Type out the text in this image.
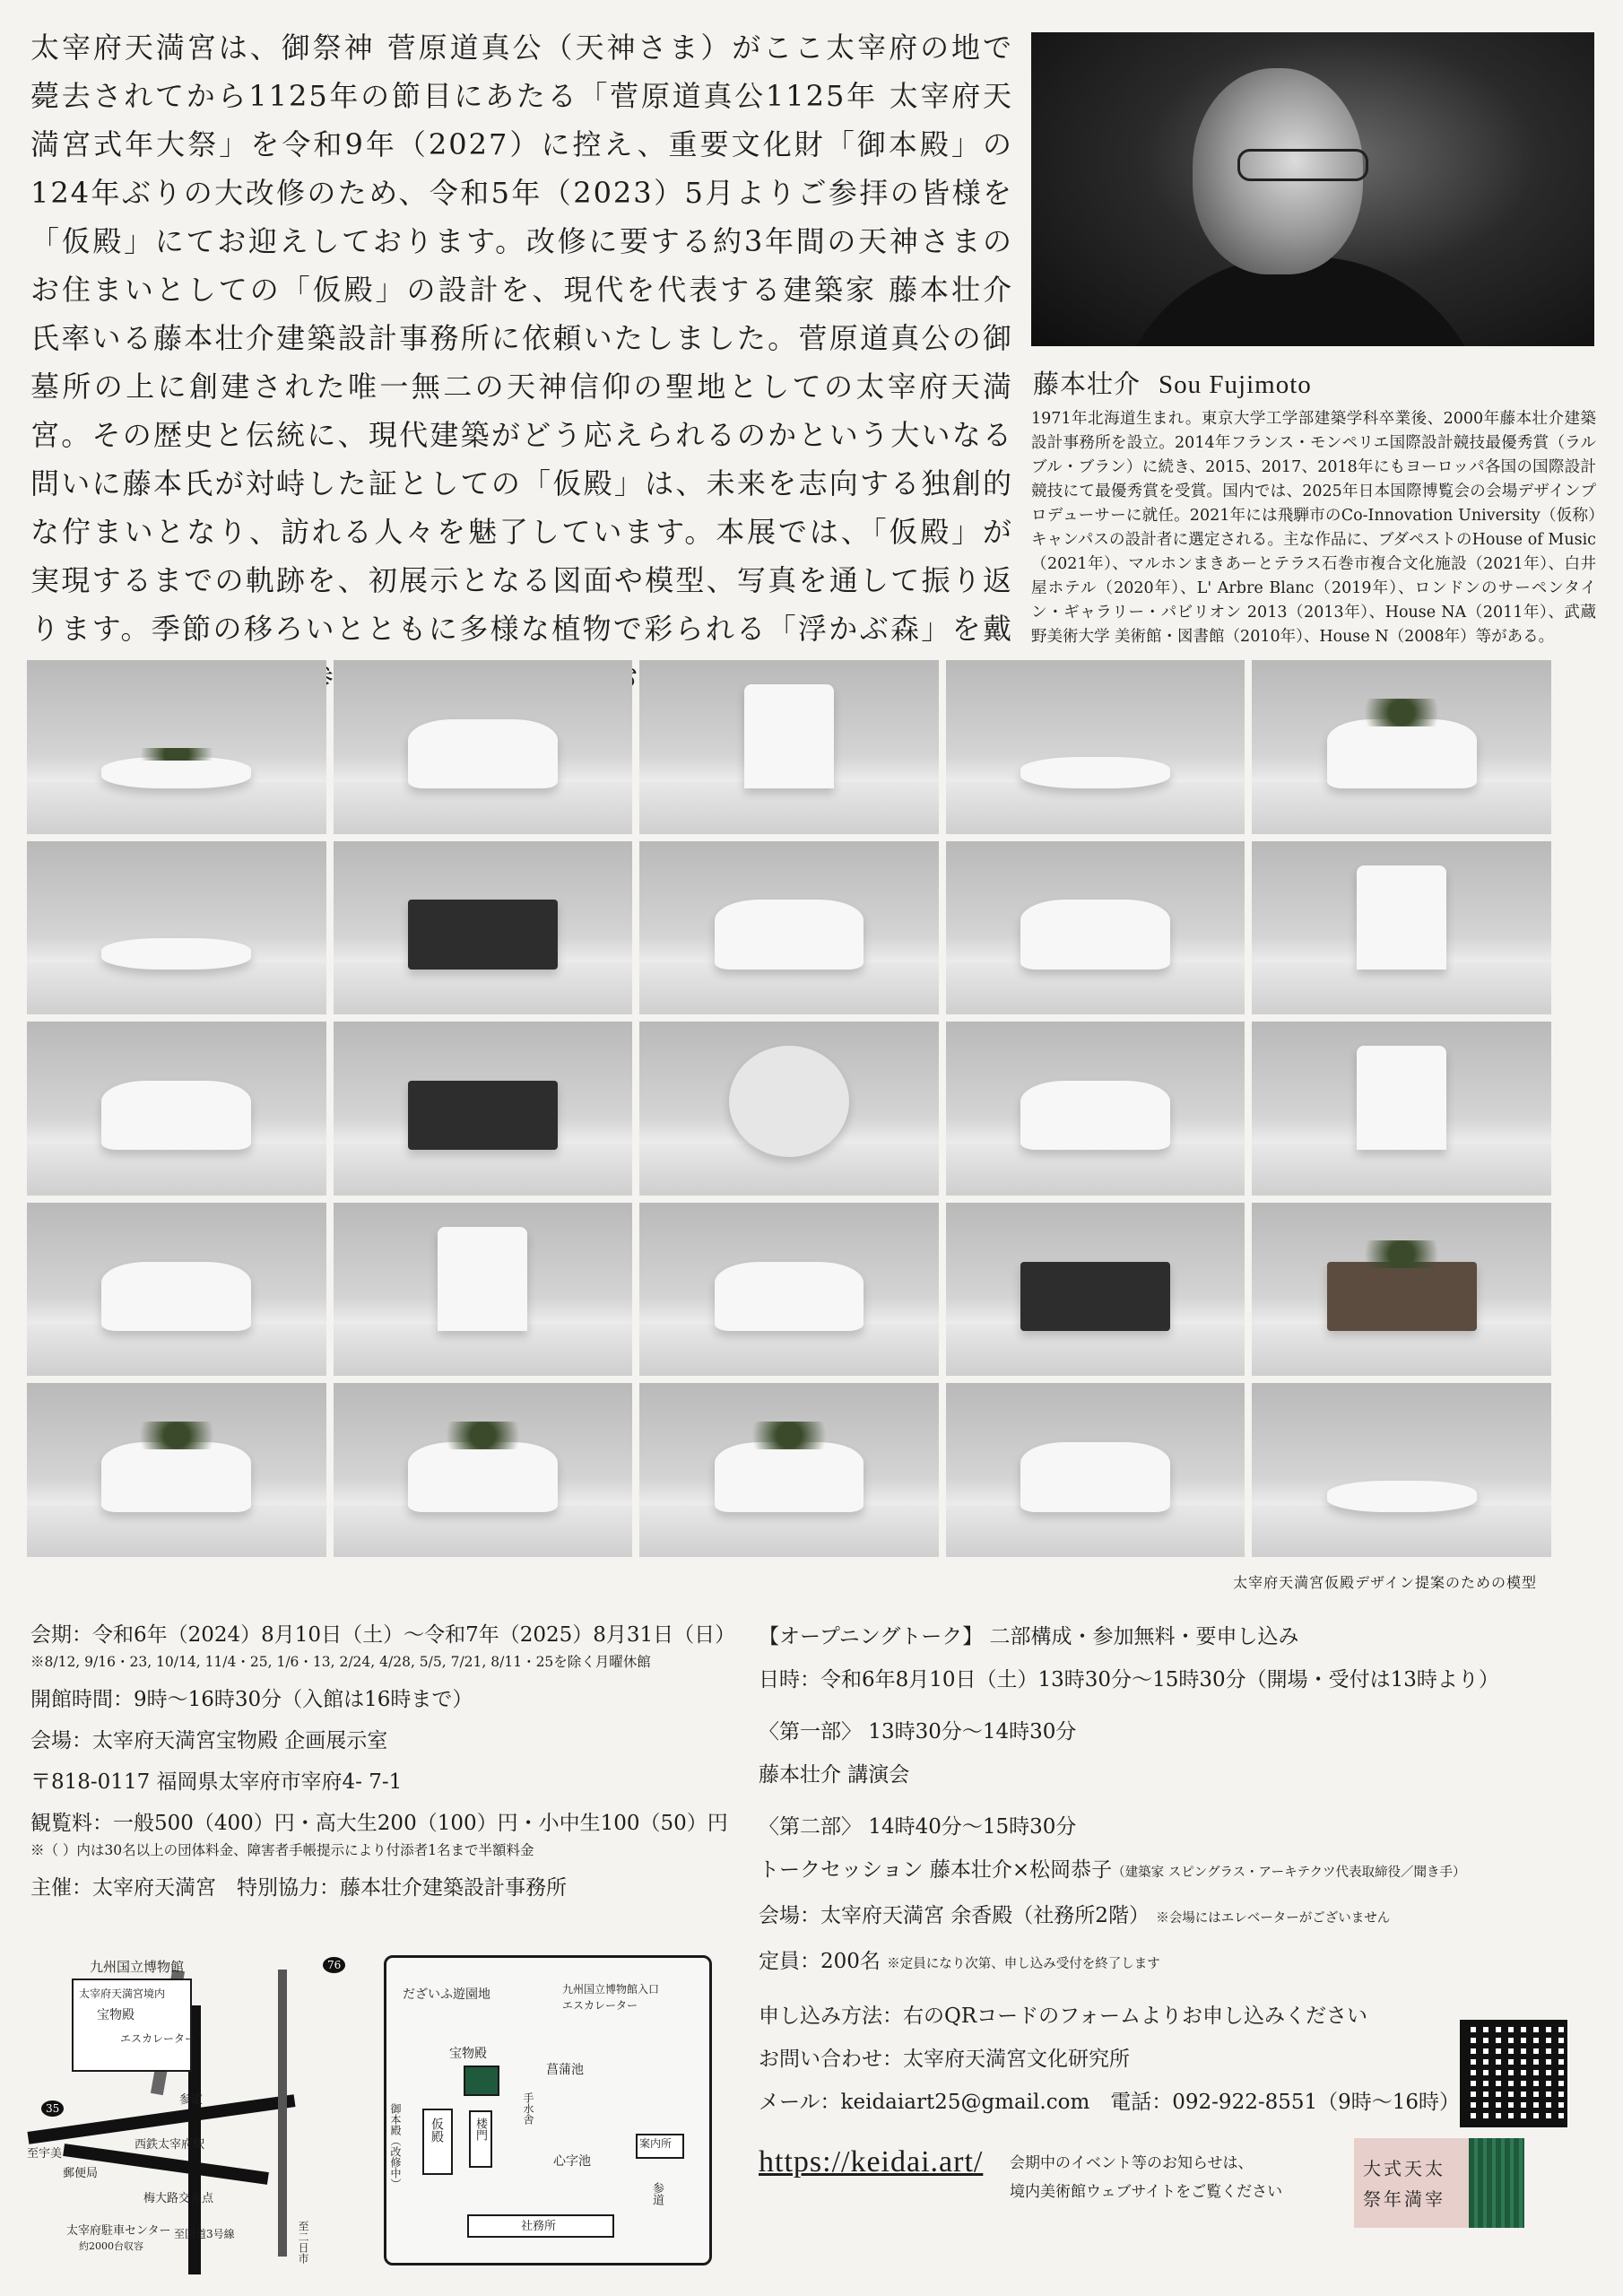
太宰府天満宮は、御祭神 菅原道真公（天神さま）がここ太宰府の地で薨去されてから1125年の節目にあたる「菅原道真公1125年 太宰府天満宮式年大祭」を令和9年（2027）に控え、重要文化財「御本殿」の124年ぶりの大改修のため、令和5年（2023）5月よりご参拝の皆様を「仮殿」にてお迎えしております。改修に要する約3年間の天神さまのお住まいとしての「仮殿」の設計を、現代を代表する建築家 藤本壮介氏率いる藤本壮介建築設計事務所に依頼いたしました。菅原道真公の御墓所の上に創建された唯一無二の天神信仰の聖地としての太宰府天満宮。その歴史と伝統に、現代建築がどう応えられるのかという大いなる問いに藤本氏が対峙した証としての「仮殿」は、未来を志向する独創的な佇まいとなり、訪れる人々を魅了しています。本展では、「仮殿」が実現するまでの軌跡を、初展示となる図面や模型、写真を通して振り返ります。季節の移ろいとともに多様な植物で彩られる「浮かぶ森」を戴

藤本壮介 Sou Fujimoto

1971年北海道生まれ。東京大学工学部建築学科卒業後、2000年藤本壮介建築設計事務所を設立。2014年フランス・モンペリエ国際設計競技最優秀賞（ラルブル・ブラン）に続き、2015、2017、2018年にもヨーロッパ各国の国際設計競技にて最優秀賞を受賞。国内では、2025年日本国際博覧会の会場デザインプロデューサーに就任。2021年には飛騨市のCo-Innovation University（仮称）キャンパスの設計者に選定される。主な作品に、ブダペストのHouse of Music（2021年）、マルホンまきあーとテラス石巻市複合文化施設（2021年）、白井屋ホテル（2020年）、L' Arbre Blanc（2019年）、ロンドンのサーペンタイン・ギャラリー・パビリオン 2013（2013年）、House NA（2011年）、武蔵野美術大学 美術館・図書館（2010年）、House N（2008年）等がある。

太宰府天満宮仮殿デザイン提案のための模型
会期：令和6年（2024）8月10日（土）〜令和7年（2025）8月31日（日）
※8/12, 9/16・23, 10/14, 11/4・25, 1/6・13, 2/24, 4/28, 5/5, 7/21, 8/11・25を除く月曜休館
開館時間：9時〜16時30分（入館は16時まで）
会場：太宰府天満宮宝物殿 企画展示室
〒818-0117 福岡県太宰府市宰府4- 7-1
観覧料：一般500（400）円・高大生200（100）円・小中生100（50）円
※（ ）内は30名以上の団体料金、障害者手帳提示により付添者1名まで半額料金
主催：太宰府天満宮　特別協力：藤本壮介建築設計事務所
【オープニングトーク】 二部構成・参加無料・要申し込み
日時：令和6年8月10日（土）13時30分〜15時30分（開場・受付は13時より）
〈第一部〉 13時30分〜14時30分
藤本壮介 講演会
〈第二部〉 14時40分〜15時30分
トークセッション 藤本壮介×松岡恭子（建築家 スピングラス・アーキテクツ代表取締役／聞き手）
会場：太宰府天満宮 余香殿（社務所2階） ※会場にはエレベーターがございません
定員：200名 ※定員になり次第、申し込み受付を終了します
申し込み方法：右のQRコードのフォームよりお申し込みください
お問い合わせ：太宰府天満宮文化研究所
メール：keidaiart25@gmail.com　電話：092-922-8551（9時〜16時）
https://keidai.art/ 会期中のイベント等のお知らせは、
境内美術館ウェブサイトをご覧ください
大式天太
祭年満宰
九州国立博物館
太宰府天満宮境内
宝物殿
エスカレーター
参道
西鉄太宰府駅
梅大路交差点
至宇美
郵便局
太宰府駐車センター
約2000台収容
至国道3号線	至二日市
35
76
だざいふ遊園地	九州国立博物館入口
エスカレーター
宝物殿
菖蒲池
手水舎
仮殿	楼門
御本殿（改修中）	心字池
案内所
社務所
参道
